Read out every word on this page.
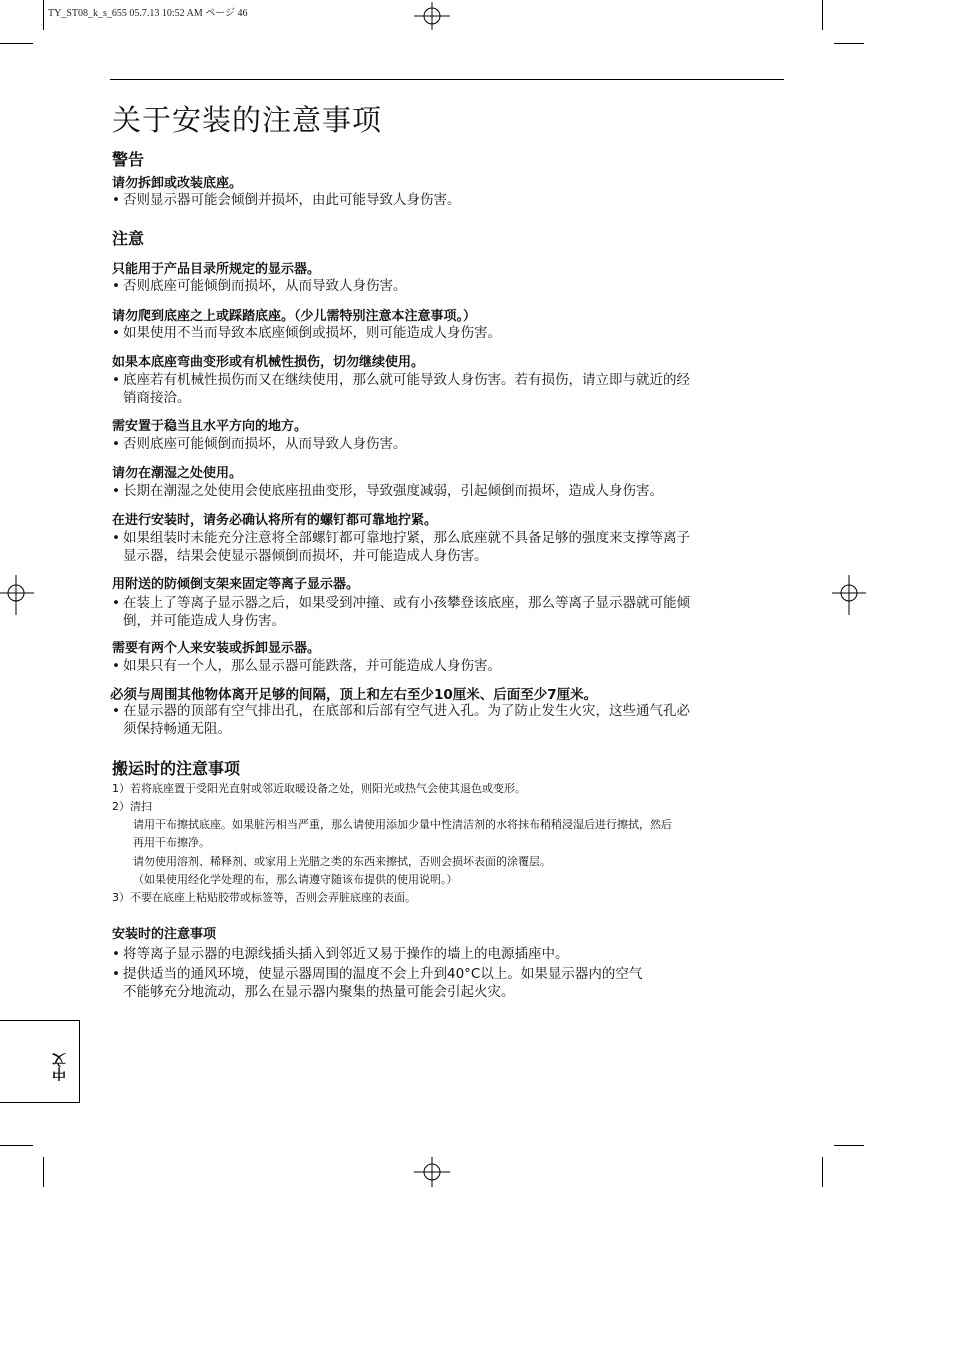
TY_ST08_k_s_655 05.7.13 10:52 AM ページ 46
关于安装的注意事项
警告
请勿拆卸或改装底座。
• 否则显示器可能会倾倒并损坏，由此可能导致人身伤害。
注意
只能用于产品目录所规定的显示器。
• 否则底座可能倾倒而损坏，从而导致人身伤害。
请勿爬到底座之上或踩踏底座。（少儿需特别注意本注意事项。）
• 如果使用不当而导致本底座倾倒或损坏，则可能造成人身伤害。
如果本底座弯曲变形或有机械性损伤，切勿继续使用。
• 底座若有机械性损伤而又在继续使用，那么就可能导致人身伤害。若有损伤，请立即与就近的经
销商接洽。
需安置于稳当且水平方向的地方。
• 否则底座可能倾倒而损坏，从而导致人身伤害。
请勿在潮湿之处使用。
• 长期在潮湿之处使用会使底座扭曲变形，导致强度减弱，引起倾倒而损坏，造成人身伤害。
在进行安装时，请务必确认将所有的螺钉都可靠地拧紧。
• 如果组装时未能充分注意将全部螺钉都可靠地拧紧，那么底座就不具备足够的强度来支撑等离子
显示器，结果会使显示器倾倒而损坏，并可能造成人身伤害。
用附送的防倾倒支架来固定等离子显示器。
• 在装上了等离子显示器之后，如果受到冲撞、或有小孩攀登该底座，那么等离子显示器就可能倾
倒，并可能造成人身伤害。
需要有两个人来安装或拆卸显示器。
• 如果只有一个人，那么显示器可能跌落，并可能造成人身伤害。
必须与周围其他物体离开足够的间隔，顶上和左右至少10厘米、后面至少7厘米。
• 在显示器的顶部有空气排出孔，在底部和后部有空气进入孔。为了防止发生火灾，这些通气孔必
须保持畅通无阻。
搬运时的注意事项
1）若将底座置于受阳光直射或邻近取暖设备之处，则阳光或热气会使其退色或变形。
2）清扫
请用干布擦拭底座。如果脏污相当严重，那么请使用添加少量中性清洁剂的水将抹布稍稍浸湿后进行擦拭，然后
再用干布擦净。
请勿使用溶剂、稀释剂、或家用上光腊之类的东西来擦拭，否则会损坏表面的涂覆层。
（如果使用经化学处理的布，那么请遵守随该布提供的使用说明。）
3）不要在底座上粘贴胶带或标签等，否则会弄脏底座的表面。
安装时的注意事项
• 将等离子显示器的电源线插头插入到邻近又易于操作的墙上的电源插座中。
• 提供适当的通风环境，使显示器周围的温度不会上升到40°C以上。如果显示器内的空气
不能够充分地流动，那么在显示器内聚集的热量可能会引起火灾。
中文
